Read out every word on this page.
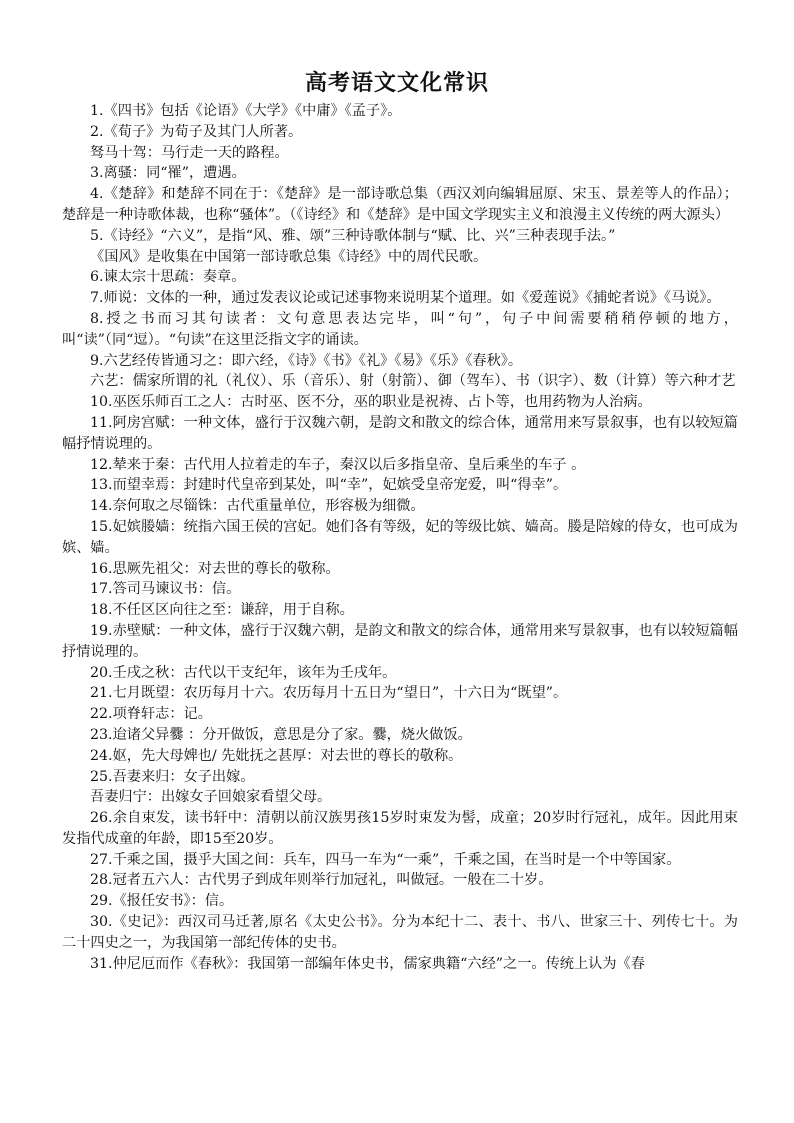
高考语文文化常识

1.《四书》包括《论语》《大学》《中庸》《孟子》。

2.《荀子》为荀子及其门人所著。

驽马十驾：马行走一天的路程。

3.离骚：同“罹”，遭遇。

4.《楚辞》和楚辞不同在于：《楚辞》是一部诗歌总集（西汉刘向编辑屈原、宋玉、景差等人的作品）；楚辞是一种诗歌体裁，也称“骚体”。（《诗经》和《楚辞》是中国文学现实主义和浪漫主义传统的两大源头）

5.《诗经》“六义”，是指“风、雅、颂”三种诗歌体制与“赋、比、兴”三种表现手法。”

《国风》是收集在中国第一部诗歌总集《诗经》中的周代民歌。

6.谏太宗十思疏：奏章。

7.师说：文体的一种，通过发表议论或记述事物来说明某个道理。如《爱莲说》《捕蛇者说》《马说》。

8.授之书而习其句读者：文句意思表达完毕，叫“句”，句子中间需要稍稍停顿的地方，叫“读”（同“逗）。“句读”在这里泛指文字的诵读。

9.六艺经传皆通习之：即六经，《诗》《书》《礼》《易》《乐》《春秋》。

六艺：儒家所谓的礼（礼仪）、乐（音乐）、射（射箭）、御（驾车）、书（识字）、数（计算）等六种才艺

10.巫医乐师百工之人：古时巫、医不分，巫的职业是祝祷、占卜等，也用药物为人治病。

11.阿房宫赋：一种文体，盛行于汉魏六朝，是韵文和散文的综合体，通常用来写景叙事，也有以较短篇幅抒情说理的。

12.辇来于秦：古代用人拉着走的车子，秦汉以后多指皇帝、皇后乘坐的车子 。

13.而望幸焉：封建时代皇帝到某处，叫“幸”，妃嫔受皇帝宠爱，叫“得幸”。

14.奈何取之尽锱铢：古代重量单位，形容极为细微。

15.妃嫔媵嫱：统指六国王侯的宫妃。她们各有等级，妃的等级比嫔、嫱高。媵是陪嫁的侍女，也可成为嫔、嫱。

16.思厥先祖父：对去世的尊长的敬称。

17.答司马谏议书：信。

18.不任区区向往之至：谦辞，用于自称。

19.赤壁赋：一种文体，盛行于汉魏六朝，是韵文和散文的综合体，通常用来写景叙事，也有以较短篇幅抒情说理的。

20.壬戌之秋：古代以干支纪年，该年为壬戌年。

21.七月既望：农历每月十六。农历每月十五日为“望日”，十六日为“既望”。

22.项脊轩志：记。

23.迨诸父异爨 ：分开做饭，意思是分了家。爨，烧火做饭。

24.妪，先大母婢也/ 先妣抚之甚厚：对去世的尊长的敬称。

25.吾妻来归：女子出嫁。

吾妻归宁：出嫁女子回娘家看望父母。

26.余自束发，读书轩中：清朝以前汉族男孩15岁时束发为髻，成童；20岁时行冠礼，成年。因此用束发指代成童的年龄，即15至20岁。

27.千乘之国，摄乎大国之间：兵车，四马一车为“一乘”，千乘之国，在当时是一个中等国家。

28.冠者五六人：古代男子到成年则举行加冠礼，叫做冠。一般在二十岁。

29.《报任安书》：信。

30.《史记》：西汉司马迁著,原名《太史公书》。分为本纪十二、表十、书八、世家三十、列传七十。为二十四史之一，为我国第一部纪传体的史书。

31.仲尼厄而作《春秋》：我国第一部编年体史书，儒家典籍“六经”之一。传统上认为《春
